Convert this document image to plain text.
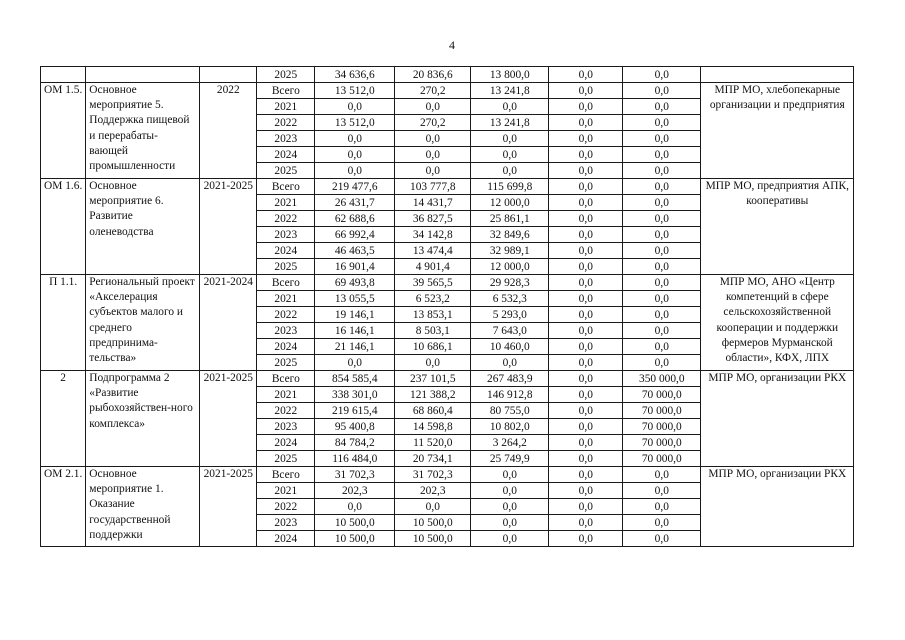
4
			2025	34 636,6	20 836,6	13 800,0	0,0	0,0	
ОМ 1.5.	Основное мероприятие 5. Поддержка пищевой и перерабаты-вающей промышленности	2022	Всего	13 512,0	270,2	13 241,8	0,0	0,0	МПР МО, хлебопекарные организации и предприятия
			2021	0,0	0,0	0,0	0,0	0,0	
			2022	13 512,0	270,2	13 241,8	0,0	0,0	
			2023	0,0	0,0	0,0	0,0	0,0	
			2024	0,0	0,0	0,0	0,0	0,0	
			2025	0,0	0,0	0,0	0,0	0,0	
ОМ 1.6.	Основное мероприятие 6. Развитие оленеводства	2021-2025	Всего	219 477,6	103 777,8	115 699,8	0,0	0,0	МПР МО, предприятия АПК, кооперативы
			2021	26 431,7	14 431,7	12 000,0	0,0	0,0	
			2022	62 688,6	36 827,5	25 861,1	0,0	0,0	
			2023	66 992,4	34 142,8	32 849,6	0,0	0,0	
			2024	46 463,5	13 474,4	32 989,1	0,0	0,0	
			2025	16 901,4	4 901,4	12 000,0	0,0	0,0	
П 1.1.	Региональный проект «Акселерация субъектов малого и среднего предпринима-тельства»	2021-2024	Всего	69 493,8	39 565,5	29 928,3	0,0	0,0	МПР МО, АНО «Центр компетенций в сфере сельскохозяйственной кооперации и поддержки фермеров Мурманской области», КФХ, ЛПХ
			2021	13 055,5	6 523,2	6 532,3	0,0	0,0	
			2022	19 146,1	13 853,1	5 293,0	0,0	0,0	
			2023	16 146,1	8 503,1	7 643,0	0,0	0,0	
			2024	21 146,1	10 686,1	10 460,0	0,0	0,0	
			2025	0,0	0,0	0,0	0,0	0,0	
2	Подпрограмма 2 «Развитие рыбохозяйствен-ного комплекса»	2021-2025	Всего	854 585,4	237 101,5	267 483,9	0,0	350 000,0	МПР МО, организации РКХ
			2021	338 301,0	121 388,2	146 912,8	0,0	70 000,0	
			2022	219 615,4	68 860,4	80 755,0	0,0	70 000,0	
			2023	95 400,8	14 598,8	10 802,0	0,0	70 000,0	
			2024	84 784,2	11 520,0	3 264,2	0,0	70 000,0	
			2025	116 484,0	20 734,1	25 749,9	0,0	70 000,0	
ОМ 2.1.	Основное мероприятие 1. Оказание государственной поддержки	2021-2025	Всего	31 702,3	31 702,3	0,0	0,0	0,0	МПР МО, организации РКХ
			2021	202,3	202,3	0,0	0,0	0,0	
			2022	0,0	0,0	0,0	0,0	0,0	
			2023	10 500,0	10 500,0	0,0	0,0	0,0	
			2024	10 500,0	10 500,0	0,0	0,0	0,0	
